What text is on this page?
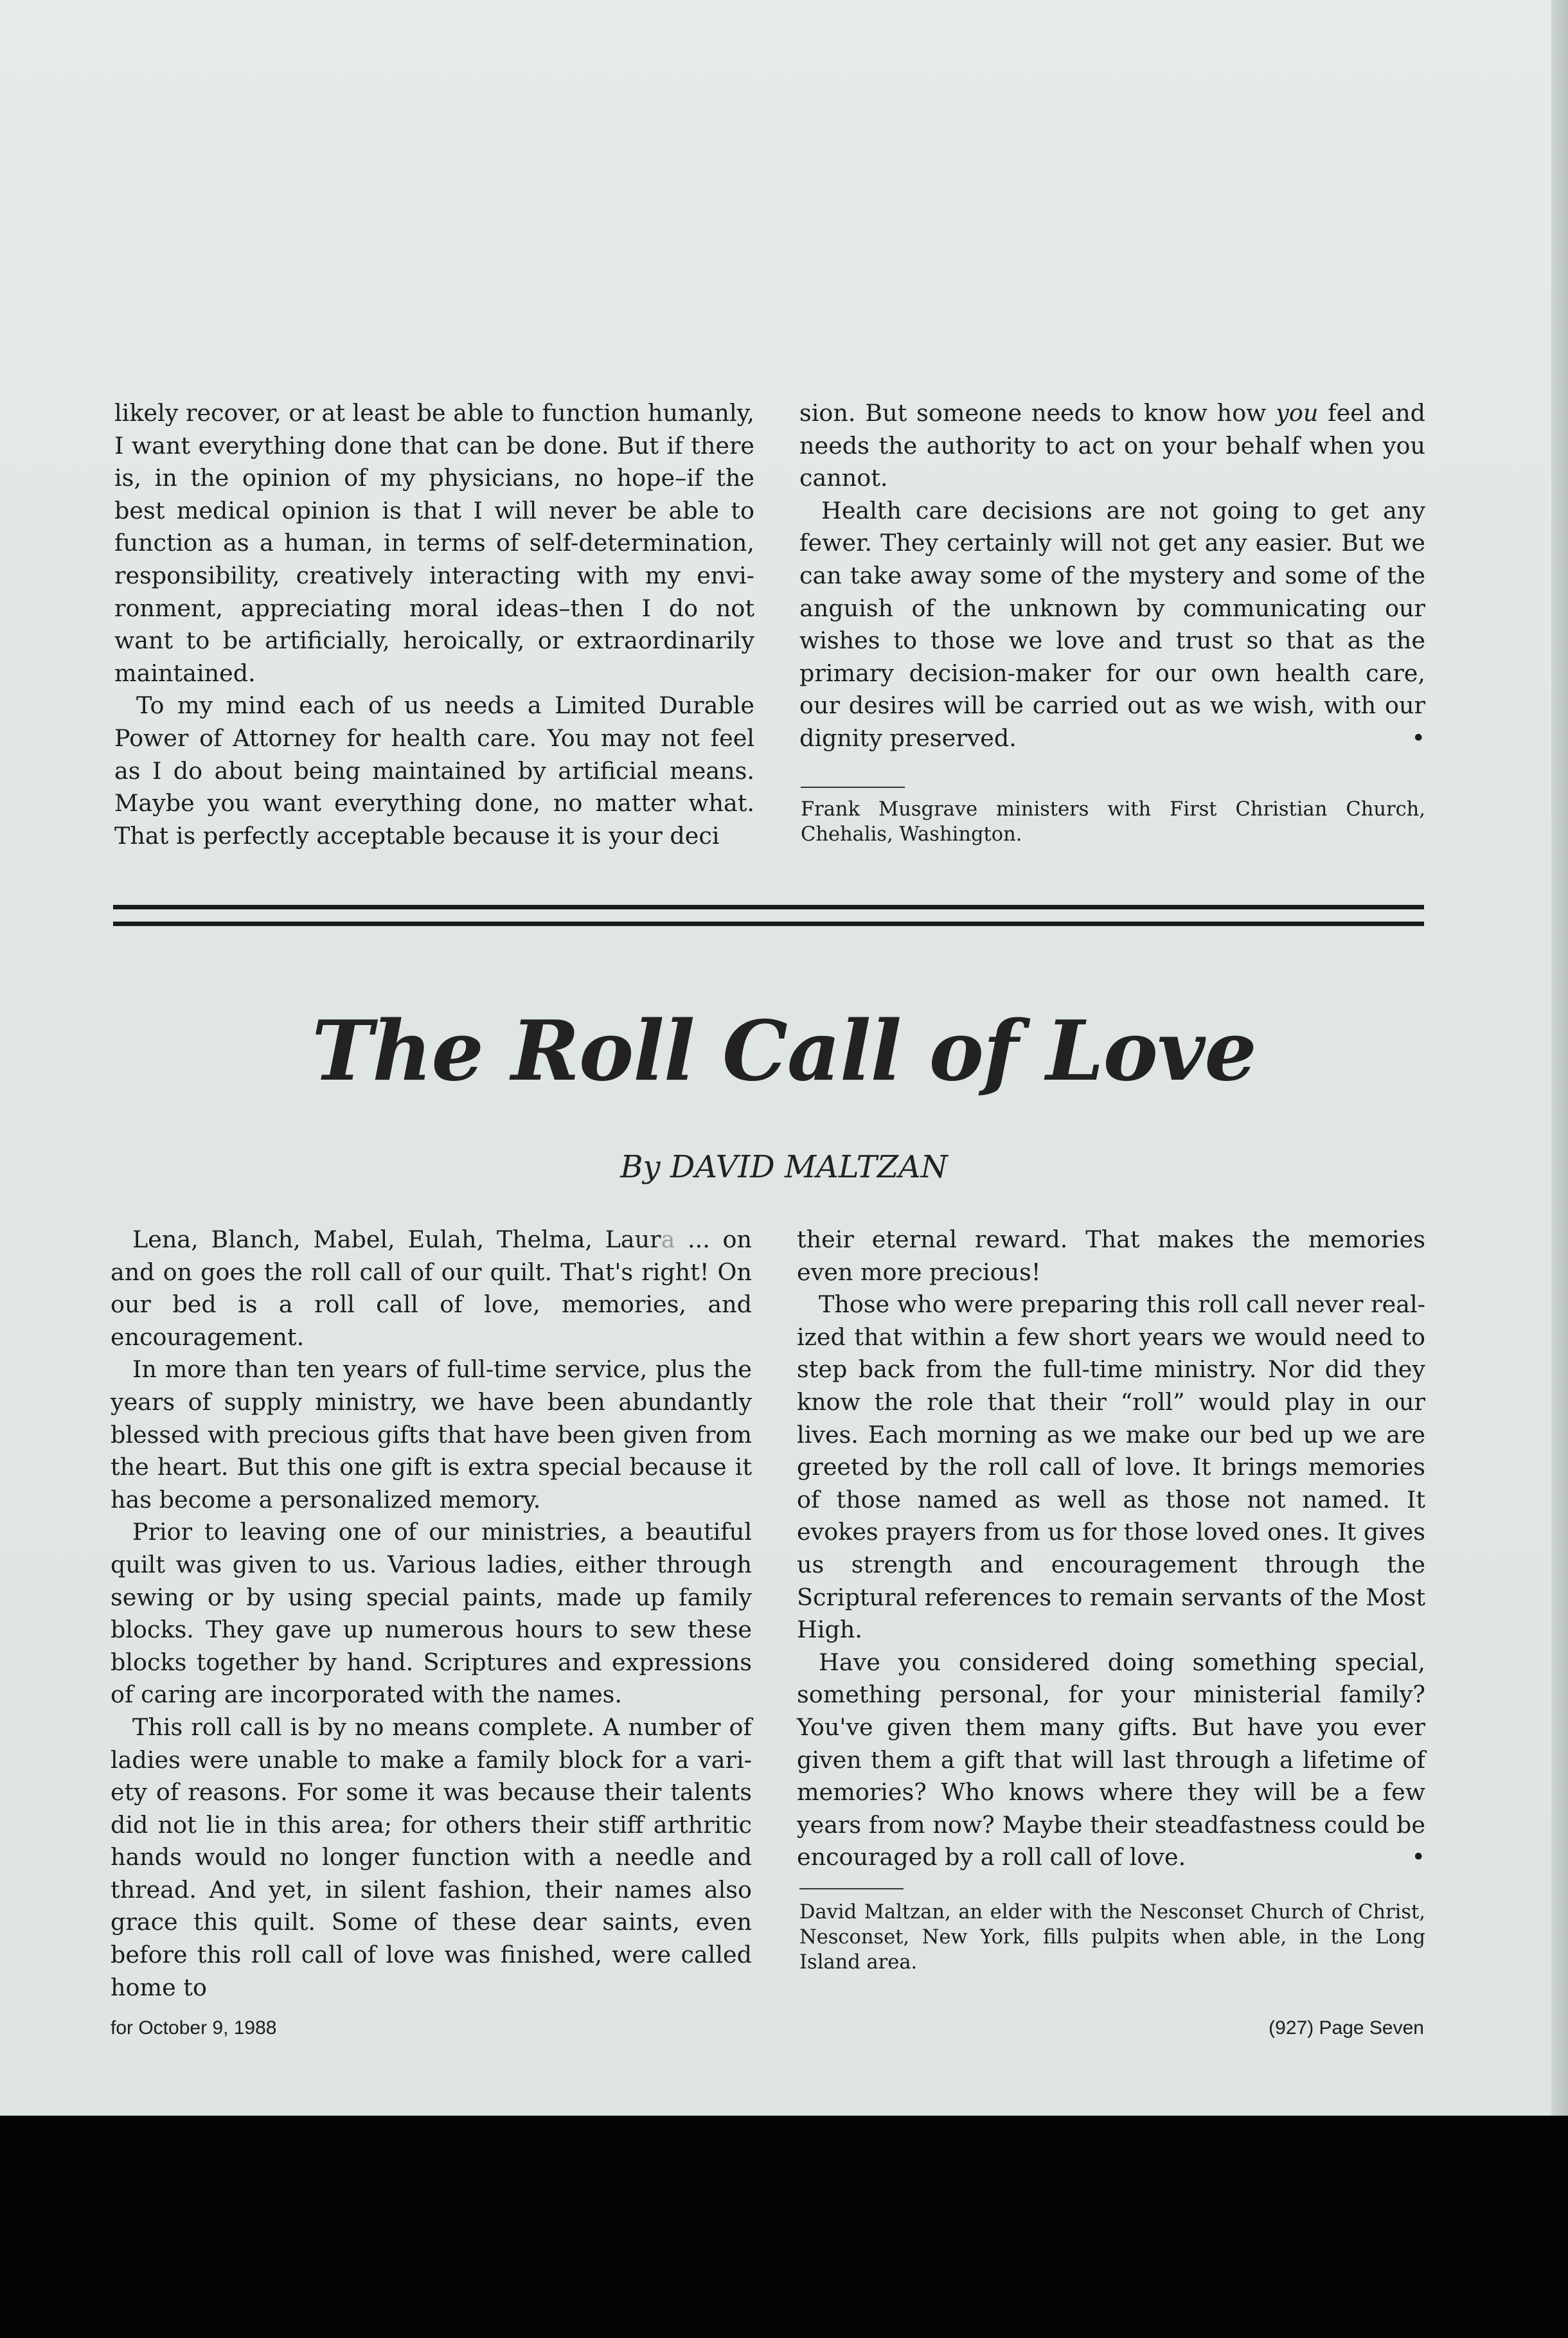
likely recover, or at least be able to function humanly, I want everything done that can be done. But if there is, in the opinion of my physicians, no hope–if the best medical opinion is that I will never be able to function as a human, in terms of self-determination, responsibility, creatively interacting with my environment, appreciating moral ideas–then I do not want to be artificially, heroically, or extraordinarily maintained.

To my mind each of us needs a Limited Durable Power of Attorney for health care. You may not feel as I do about being maintained by artificial means. Maybe you want everything done, no matter what. That is perfectly acceptable because it is your deci

sion. But someone needs to know how you feel and needs the authority to act on your behalf when you cannot.

Health care decisions are not going to get any fewer. They certainly will not get any easier. But we can take away some of the mystery and some of the anguish of the unknown by communicating our wishes to those we love and trust so that as the primary decision-maker for our own health care, our desires will be carried out as we wish, with our dignity preserved.	•

Frank Musgrave ministers with First Christian Church, Chehalis, Washington.
The Roll Call of Love
By DAVID MALTZAN

Lena, Blanch, Mabel, Eulah, Thelma, Laura ... on and on goes the roll call of our quilt. That's right! On our bed is a roll call of love, memories, and encouragement.

In more than ten years of full-time service, plus the years of supply ministry, we have been abundantly blessed with precious gifts that have been given from the heart. But this one gift is extra special because it has become a personalized memory.

Prior to leaving one of our ministries, a beautiful quilt was given to us. Various ladies, either through sewing or by using special paints, made up family blocks. They gave up numerous hours to sew these blocks together by hand. Scriptures and expressions of caring are incorporated with the names.

This roll call is by no means complete. A number of ladies were unable to make a family block for a variety of reasons. For some it was because their talents did not lie in this area; for others their stiff arthritic hands would no longer function with a needle and thread. And yet, in silent fashion, their names also grace this quilt. Some of these dear saints, even before this roll call of love was finished, were called home to

their eternal reward. That makes the memories even more precious!

Those who were preparing this roll call never realized that within a few short years we would need to step back from the full-time ministry. Nor did they know the role that their “roll” would play in our lives. Each morning as we make our bed up we are greeted by the roll call of love. It brings memories of those named as well as those not named. It evokes prayers from us for those loved ones. It gives us strength and encouragement through the Scriptural references to remain servants of the Most High.

Have you considered doing something special, something personal, for your ministerial family? You've given them many gifts. But have you ever given them a gift that will last through a lifetime of memories? Who knows where they will be a few years from now? Maybe their steadfastness could be encouraged by a roll call of love.	•

David Maltzan, an elder with the Nesconset Church of Christ, Nesconset, New York, fills pulpits when able, in the Long Island area.
for October 9, 1988	(927) Page Seven
